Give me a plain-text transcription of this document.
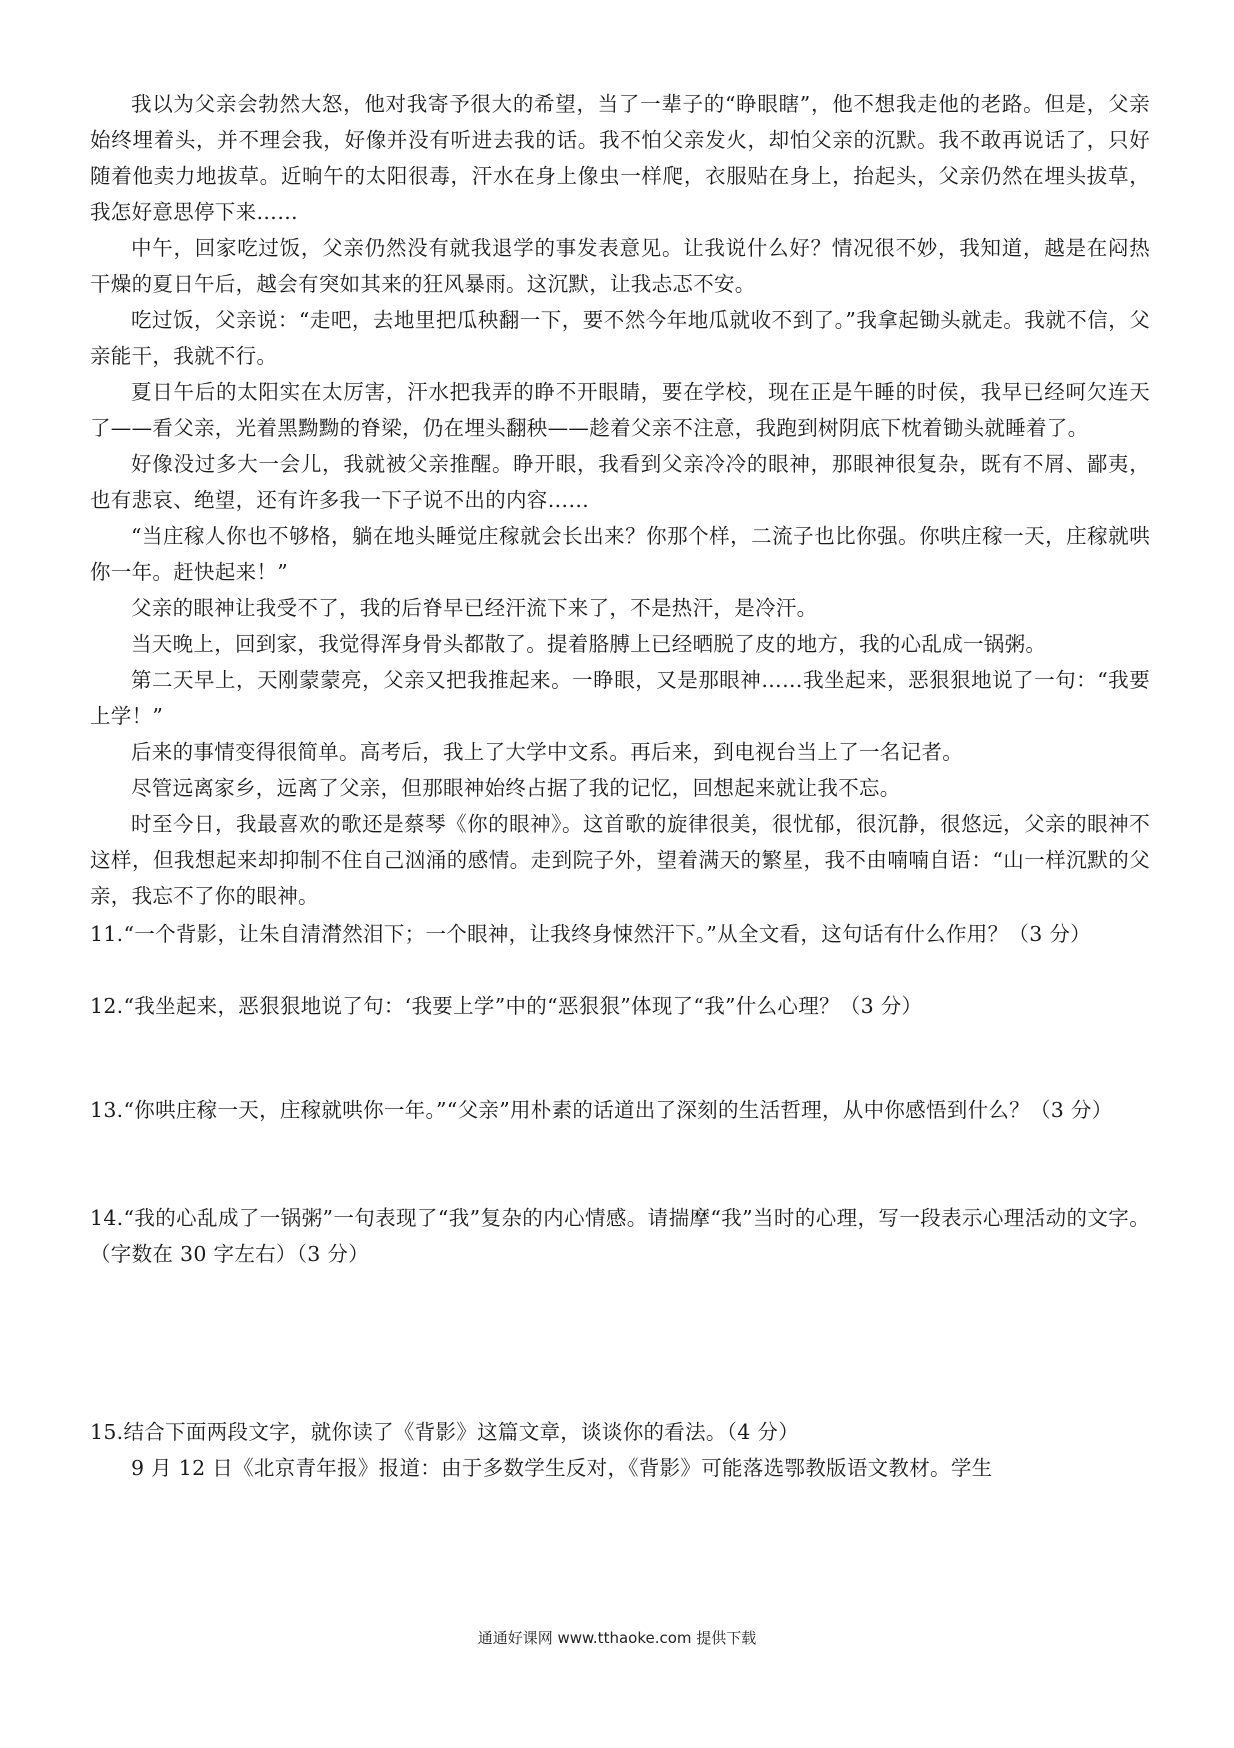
我以为父亲会勃然大怒，他对我寄予很大的希望，当了一辈子的“睁眼瞎”，他不想我走他的老路。但是，父亲始终埋着头，并不理会我，好像并没有听进去我的话。我不怕父亲发火，却怕父亲的沉默。我不敢再说话了，只好随着他卖力地拔草。近晌午的太阳很毒，汗水在身上像虫一样爬，衣服贴在身上，抬起头，父亲仍然在埋头拔草，我怎好意思停下来……

中午，回家吃过饭，父亲仍然没有就我退学的事发表意见。让我说什么好？情况很不妙，我知道，越是在闷热干燥的夏日午后，越会有突如其来的狂风暴雨。这沉默，让我忐忑不安。

吃过饭，父亲说：“走吧，去地里把瓜秧翻一下，要不然今年地瓜就收不到了。”我拿起锄头就走。我就不信，父亲能干，我就不行。

夏日午后的太阳实在太厉害，汗水把我弄的睁不开眼睛，要在学校，现在正是午睡的时侯，我早已经呵欠连天了——看父亲，光着黑黝黝的脊梁，仍在埋头翻秧——趁着父亲不注意，我跑到树阴底下枕着锄头就睡着了。

好像没过多大一会儿，我就被父亲推醒。睁开眼，我看到父亲冷冷的眼神，那眼神很复杂，既有不屑、鄙夷，也有悲哀、绝望，还有许多我一下子说不出的内容……

“当庄稼人你也不够格，躺在地头睡觉庄稼就会长出来？你那个样，二流子也比你强。你哄庄稼一天，庄稼就哄你一年。赶快起来！”

父亲的眼神让我受不了，我的后脊早已经汗流下来了，不是热汗，是冷汗。

当天晚上，回到家，我觉得浑身骨头都散了。提着胳膊上已经晒脱了皮的地方，我的心乱成一锅粥。

第二天早上，天刚蒙蒙亮，父亲又把我推起来。一睁眼，又是那眼神……我坐起来，恶狠狠地说了一句：“我要上学！”

后来的事情变得很简单。高考后，我上了大学中文系。再后来，到电视台当上了一名记者。

尽管远离家乡，远离了父亲，但那眼神始终占据了我的记忆，回想起来就让我不忘。

时至今日，我最喜欢的歌还是蔡琴《你的眼神》。这首歌的旋律很美，很忧郁，很沉静，很悠远，父亲的眼神不这样，但我想起来却抑制不住自己汹涌的感情。走到院子外，望着满天的繁星，我不由喃喃自语：“山一样沉默的父亲，我忘不了你的眼神。

11.“一个背影，让朱自清潸然泪下；一个眼神，让我终身悚然汗下。”从全文看，这句话有什么作用？（3 分）

12.“我坐起来，恶狠狠地说了句：‘我要上学”中的“恶狠狠”体现了“我”什么心理？（3 分）

13.“你哄庄稼一天，庄稼就哄你一年。”“父亲”用朴素的话道出了深刻的生活哲理，从中你感悟到什么？（3 分）

14.“我的心乱成了一锅粥”一句表现了“我”复杂的内心情感。请揣摩“我”当时的心理，写一段表示心理活动的文字。（字数在 30 字左右）（3 分）

15.结合下面两段文字，就你读了《背影》这篇文章，谈谈你的看法。（4 分）

9 月 12 日《北京青年报》报道：由于多数学生反对，《背影》可能落选鄂教版语文教材。学生

通通好课网 www.tthaoke.com 提供下载
